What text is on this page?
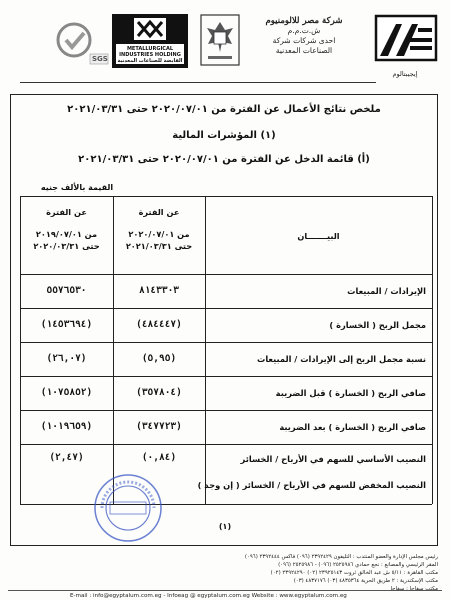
شركة مصر للالومنيوم
ش.ت.م.م
احدى شركات شركة
الصناعات المعدنية
إيجيبتالوم
METALLURGICAL
INDUSTRIES HOLDING
القابضة للصناعات المعدنية
SGS
ملخص نتائج الأعمال عن الفترة من ٢٠٢٠/٠٧/٠١ حتى ٢٠٢١/٠٣/٣١
(١) المؤشرات المالية
(أ) قائمة الدخل عن الفترة من ٢٠٢٠/٠٧/٠١ حتى ٢٠٢١/٠٣/٣١
القيمة بالألف جنيه
عن الفترة
من ٢٠١٩/٠٧/٠١
حتى ٢٠٢٠/٠٣/٣١
عن الفترة
من ٢٠٢٠/٠٧/٠١
حتى ٢٠٢١/٠٣/٣١
البيـــــــان
الإيرادات / المبيعات
٨١٤٣٣٠٣
٥٥٧٦٥٣٠
مجمل الربح ( الخسارة )
(٤٨٤٤٤٧)
(١٤٥٣٦٩٤)
نسبة مجمل الربح إلى الإيرادات / المبيعات
(٥,٩٥)
(٢٦,٠٧)
صافي الربح ( الخسارة ) قبل الضريبة
(٣٥٧٨٠٤)
(١٠٧٥٨٥٢)
صافي الربح ( الخسارة ) بعد الضريبة
(٣٤٧٧٢٣)
(١٠١٩٦٥٩)
النصيب الأساسي للسهم في الأرباح / الخسائر
(٠,٨٤)
(٢,٤٧)
النصيب المخفض للسهم في الأرباح / الخسائر ( إن وجد )
(١)
رئيس مجلس الإدارة والعضو المنتدب : التليفون ٢٣٩٢٤٢٩ (٠٩٦) فاكس ٢٣٩٢٤٤٤ (٠٩٦)
المقر الرئيسي والمصانع : نجع حمادي ٢٥٢٥٩٨٦ (٠٩٦) - ٢٥٢٥٩٨٦ (٠٩٦)
مكتب القاهرة : ٥/١١ ش عبد الخالق ثروت ٢٣٩٢٥١٤٣ (٠٢) ٢٣٩٢٤٢٩٠ (٠٢)
مكتب الإسكندرية : ٢ طريق الحرية ٤٨٣٥٣٦٤ (٠٣) ٤٨٣٧١٧٦ (٠٣)
مكتب سفاجا : سفاجا
E-mail : info@egyptalum.com.eg - Infoeag @ egyptalum.com.eg Website : www.egyptalum.com.eg
